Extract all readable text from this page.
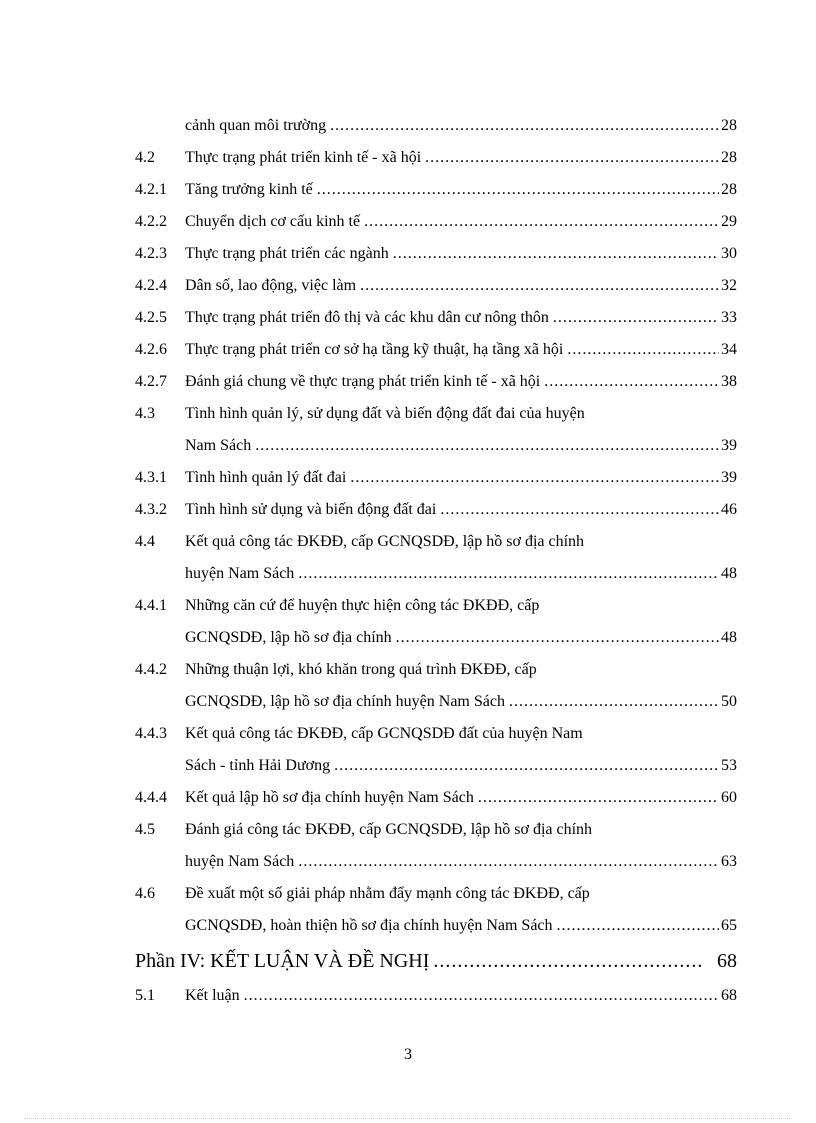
cảnh quan môi trường .....	28
4.2	Thực trạng phát triển kinh tế - xã hội .....	28
4.2.1	Tăng trưởng kinh tế .....	28
4.2.2	Chuyển dịch cơ cấu kinh tế .....	29
4.2.3	Thực trạng phát triển các ngành .....	30
4.2.4	Dân số, lao động, việc làm .....	32
4.2.5	Thực trạng phát triển đô thị và các khu dân cư nông thôn .....	33
4.2.6	Thực trạng phát triển cơ sở hạ tầng kỹ thuật, hạ tầng xã hội .....	34
4.2.7	Đánh giá chung về thực trạng phát triển kinh tế - xã hội .....	38
4.3	Tình hình quản lý, sử dụng đất và biến động đất đai của huyện
Nam Sách .....	39
4.3.1	Tình hình quản lý đất đai .....	39
4.3.2	Tình hình sử dụng và biến động đất đai .....	46
4.4	Kết quả công tác ĐKĐĐ, cấp GCNQSDĐ, lập hồ sơ địa chính
huyện Nam Sách .....	48
4.4.1	Những căn cứ để huyện thực hiện công tác ĐKĐĐ, cấp
GCNQSDĐ, lập hồ sơ địa chính .....	48
4.4.2	Những thuận lợi, khó khăn trong quá trình ĐKĐĐ, cấp
GCNQSDĐ, lập hồ sơ địa chính huyện Nam Sách .....	50
4.4.3	Kết quả công tác ĐKĐĐ, cấp GCNQSDĐ đất của huyện Nam
Sách - tỉnh Hải Dương .....	53
4.4.4	Kết quả lập hồ sơ địa chính huyện Nam Sách .....	60
4.5	Đánh giá công tác ĐKĐĐ, cấp GCNQSDĐ, lập hồ sơ địa chính
huyện Nam Sách .....	63
4.6	Đề xuất một số giải pháp nhằm đẩy mạnh công tác ĐKĐĐ, cấp
GCNQSDĐ, hoàn thiện hồ sơ địa chính huyện Nam Sách .....	65
Phần IV: KẾT LUẬN VÀ ĐỀ NGHỊ .....	68
5.1	Kết luận .....	68
3
